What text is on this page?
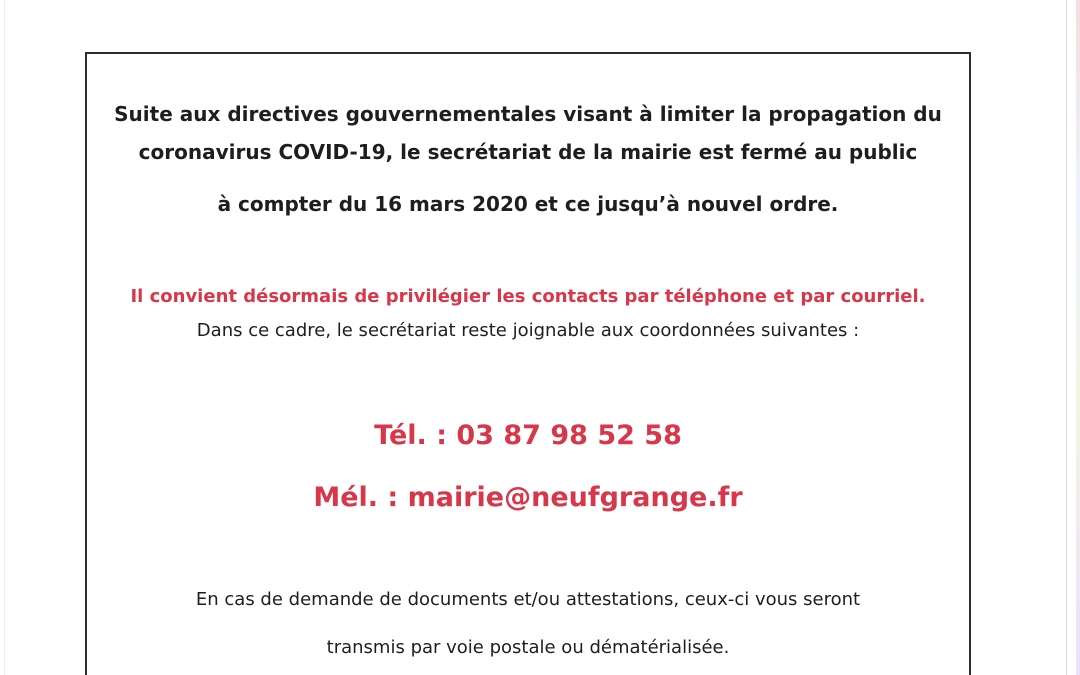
Suite aux directives gouvernementales visant à limiter la propagation du
coronavirus COVID-19, le secrétariat de la mairie est fermé au public
à compter du 16 mars 2020 et ce jusqu’à nouvel ordre.
Il convient désormais de privilégier les contacts par téléphone et par courriel.
Dans ce cadre, le secrétariat reste joignable aux coordonnées suivantes :
Tél. : 03 87 98 52 58
Mél. : mairie@neufgrange.fr
En cas de demande de documents et/ou attestations, ceux-ci vous seront
transmis par voie postale ou dématérialisée.
